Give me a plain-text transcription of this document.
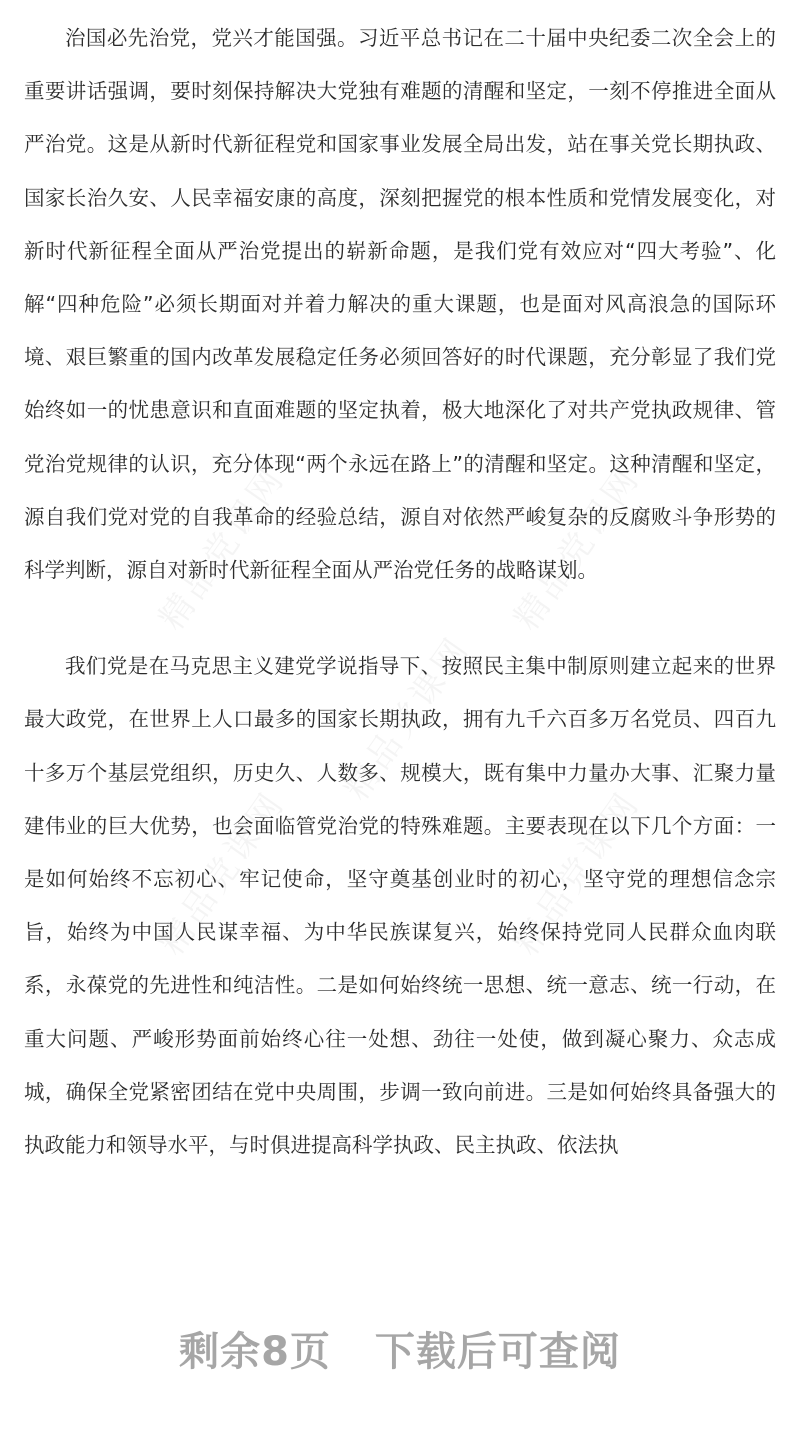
精品党课网	精品党课网
精品党课网
精品党课网	精品党课网

治国必先治党，党兴才能国强。习近平总书记在二十届中央纪委二次全会上的重要讲话强调，要时刻保持解决大党独有难题的清醒和坚定，一刻不停推进全面从严治党。这是从新时代新征程党和国家事业发展全局出发，站在事关党长期执政、国家长治久安、人民幸福安康的高度，深刻把握党的根本性质和党情发展变化，对新时代新征程全面从严治党提出的崭新命题，是我们党有效应对“四大考验”、化解“四种危险”必须长期面对并着力解决的重大课题，也是面对风高浪急的国际环境、艰巨繁重的国内改革发展稳定任务必须回答好的时代课题，充分彰显了我们党始终如一的忧患意识和直面难题的坚定执着，极大地深化了对共产党执政规律、管党治党规律的认识，充分体现“两个永远在路上”的清醒和坚定。这种清醒和坚定，源自我们党对党的自我革命的经验总结，源自对依然严峻复杂的反腐败斗争形势的科学判断，源自对新时代新征程全面从严治党任务的战略谋划。

我们党是在马克思主义建党学说指导下、按照民主集中制原则建立起来的世界最大政党，在世界上人口最多的国家长期执政，拥有九千六百多万名党员、四百九十多万个基层党组织，历史久、人数多、规模大，既有集中力量办大事、汇聚力量建伟业的巨大优势，也会面临管党治党的特殊难题。主要表现在以下几个方面：一是如何始终不忘初心、牢记使命，坚守奠基创业时的初心，坚守党的理想信念宗旨，始终为中国人民谋幸福、为中华民族谋复兴，始终保持党同人民群众血肉联系，永葆党的先进性和纯洁性。二是如何始终统一思想、统一意志、统一行动，在重大问题、严峻形势面前始终心往一处想、劲往一处使，做到凝心聚力、众志成城，确保全党紧密团结在党中央周围，步调一致向前进。三是如何始终具备强大的执政能力和领导水平，与时俱进提高科学执政、民主执政、依法执

剩余8页 下载后可查阅
